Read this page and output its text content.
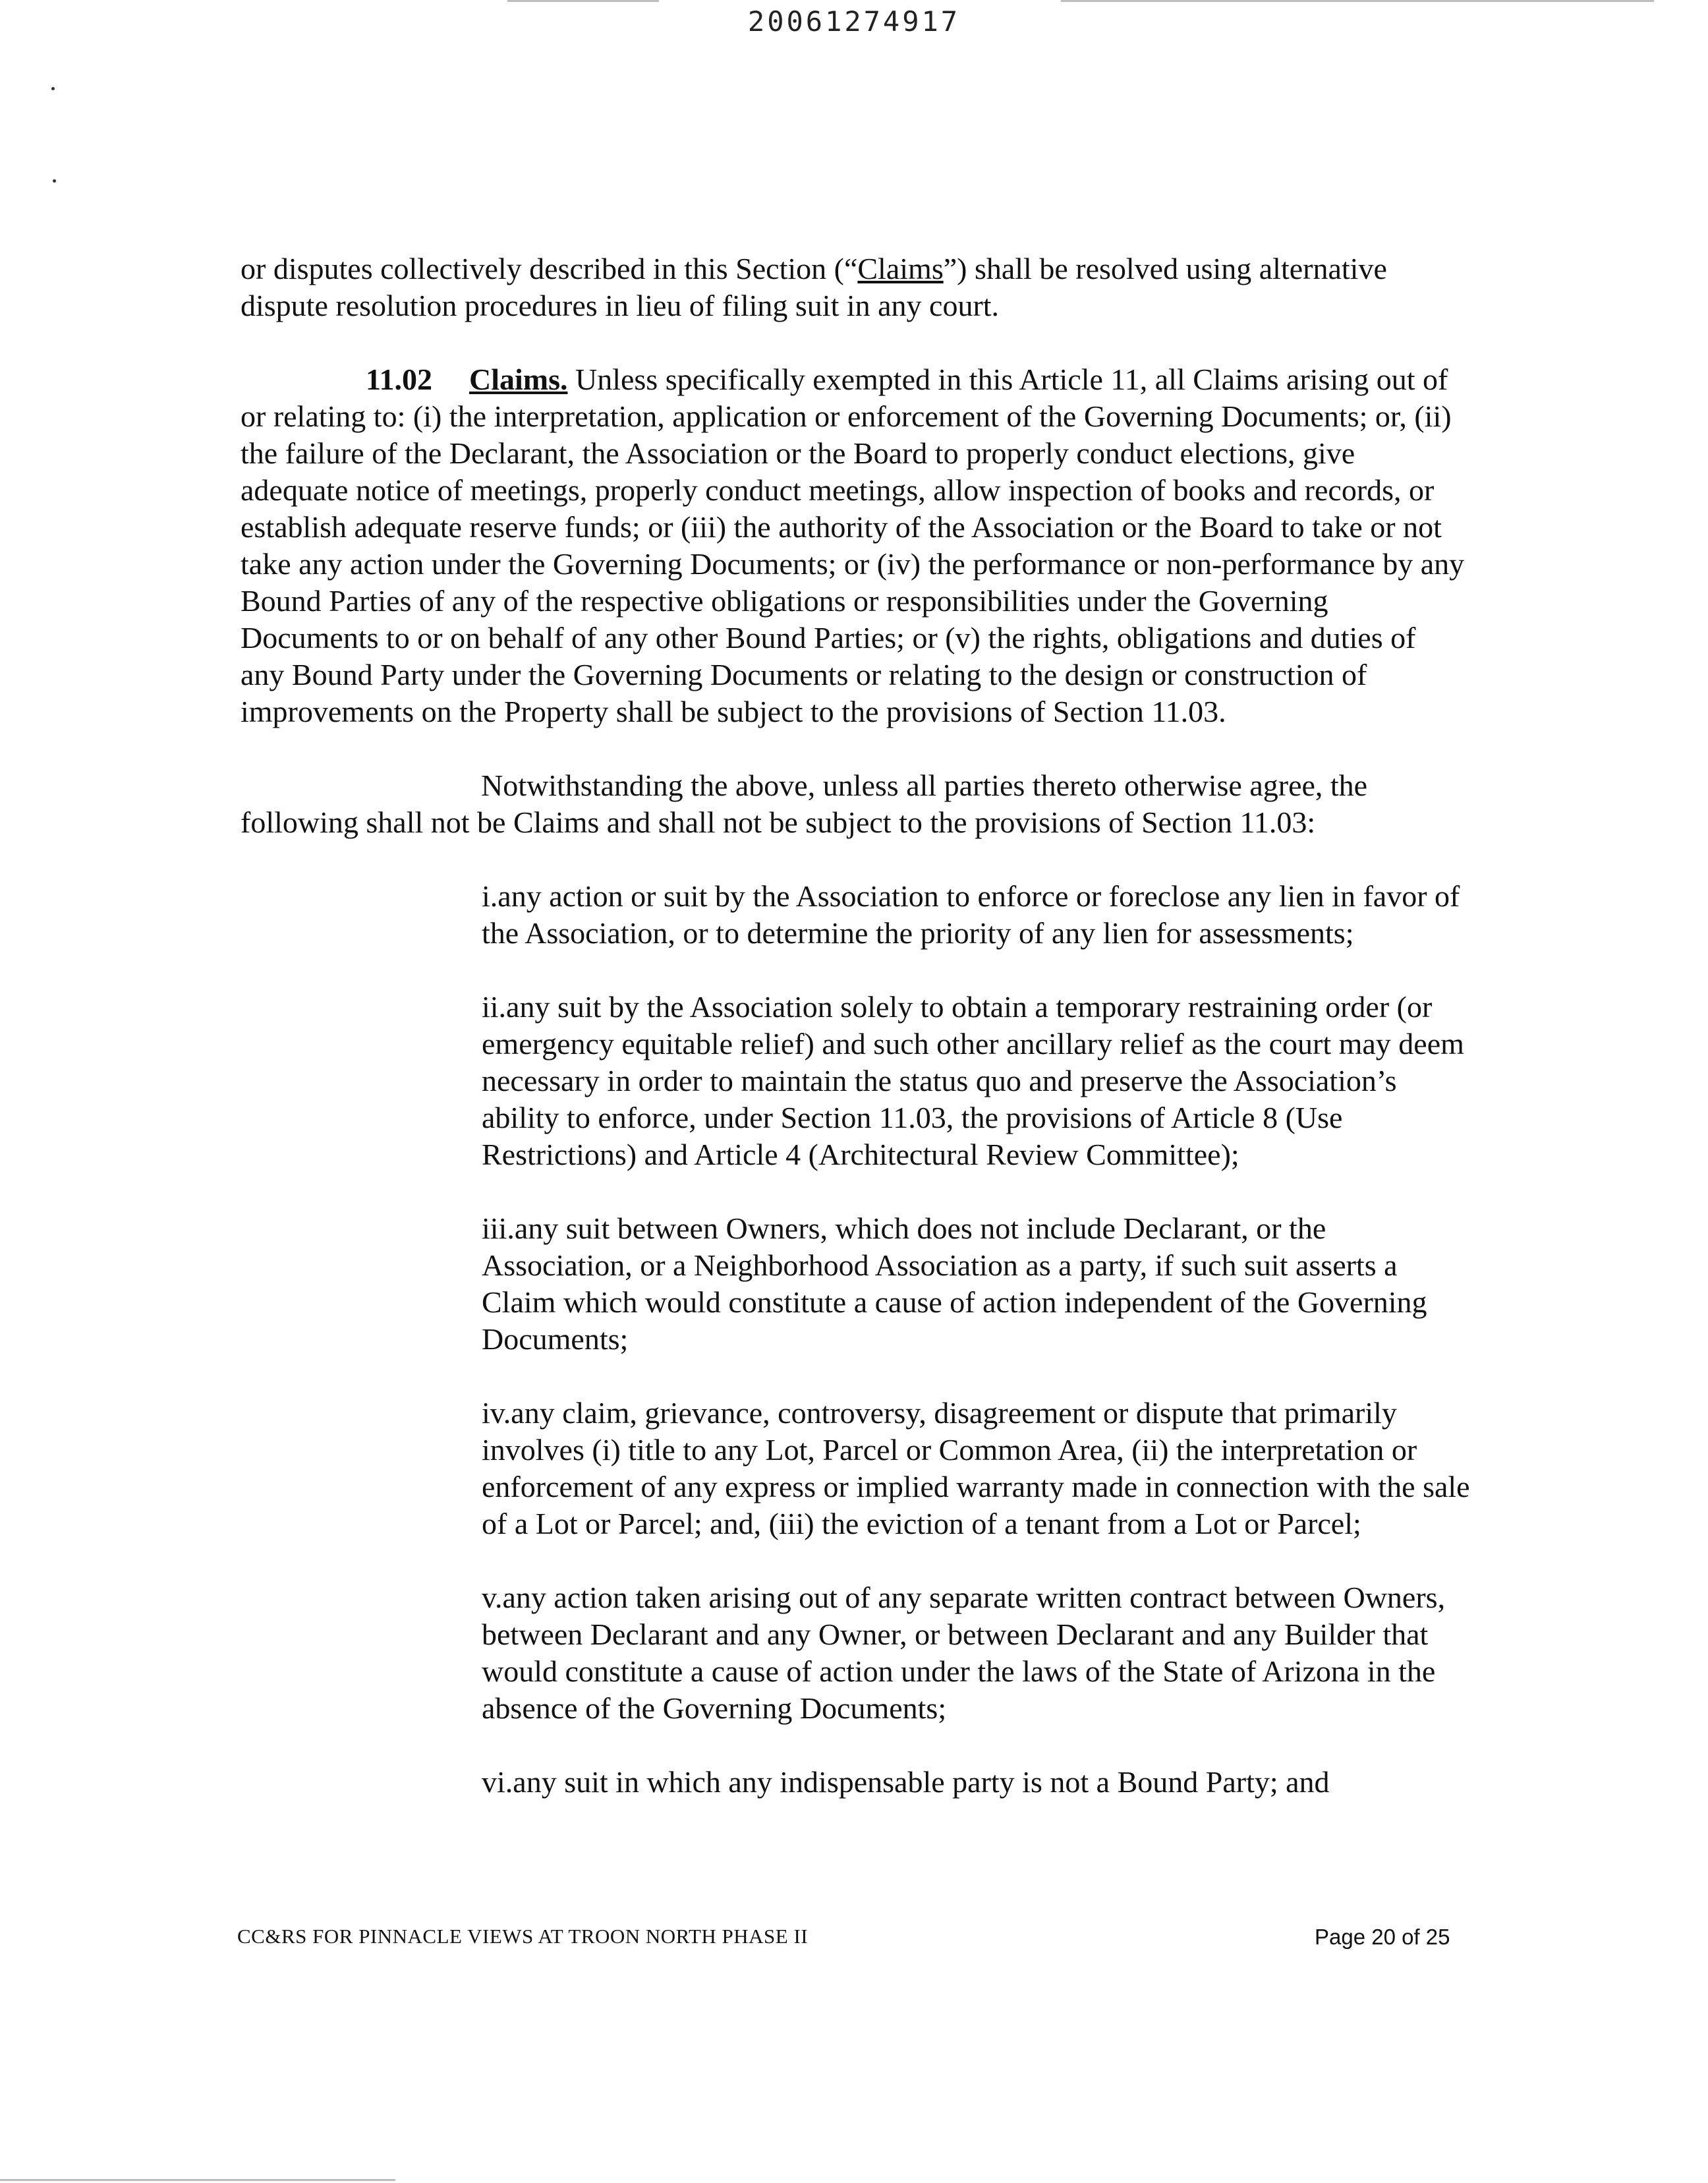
20061274917

or disputes collectively described in this Section (“Claims”) shall be resolved using alternative dispute resolution procedures in lieu of filing suit in any court.

11.02 Claims. Unless specifically exempted in this Article 11, all Claims arising out of or relating to: (i) the interpretation, application or enforcement of the Governing Documents; or, (ii) the failure of the Declarant, the Association or the Board to properly conduct elections, give adequate notice of meetings, properly conduct meetings, allow inspection of books and records, or establish adequate reserve funds; or (iii) the authority of the Association or the Board to take or not take any action under the Governing Documents; or (iv) the performance or non-performance by any Bound Parties of any of the respective obligations or responsibilities under the Governing Documents to or on behalf of any other Bound Parties; or (v) the rights, obligations and duties of any Bound Party under the Governing Documents or relating to the design or construction of improvements on the Property shall be subject to the provisions of Section 11.03.

Notwithstanding the above, unless all parties thereto otherwise agree, the following shall not be Claims and shall not be subject to the provisions of Section 11.03:

i.any action or suit by the Association to enforce or foreclose any lien in favor of the Association, or to determine the priority of any lien for assessments;

ii.any suit by the Association solely to obtain a temporary restraining order (or emergency equitable relief) and such other ancillary relief as the court may deem necessary in order to maintain the status quo and preserve the Association’s ability to enforce, under Section 11.03, the provisions of Article 8 (Use Restrictions) and Article 4 (Architectural Review Committee);

iii.any suit between Owners, which does not include Declarant, or the Association, or a Neighborhood Association as a party, if such suit asserts a Claim which would constitute a cause of action independent of the Governing Documents;

iv.any claim, grievance, controversy, disagreement or dispute that primarily involves (i) title to any Lot, Parcel or Common Area, (ii) the interpretation or enforcement of any express or implied warranty made in connection with the sale of a Lot or Parcel; and, (iii) the eviction of a tenant from a Lot or Parcel;

v.any action taken arising out of any separate written contract between Owners, between Declarant and any Owner, or between Declarant and any Builder that would constitute a cause of action under the laws of the State of Arizona in the absence of the Governing Documents;

vi.any suit in which any indispensable party is not a Bound Party; and

CC&RS FOR PINNACLE VIEWS AT TROON NORTH PHASE II	Page 20 of 25
